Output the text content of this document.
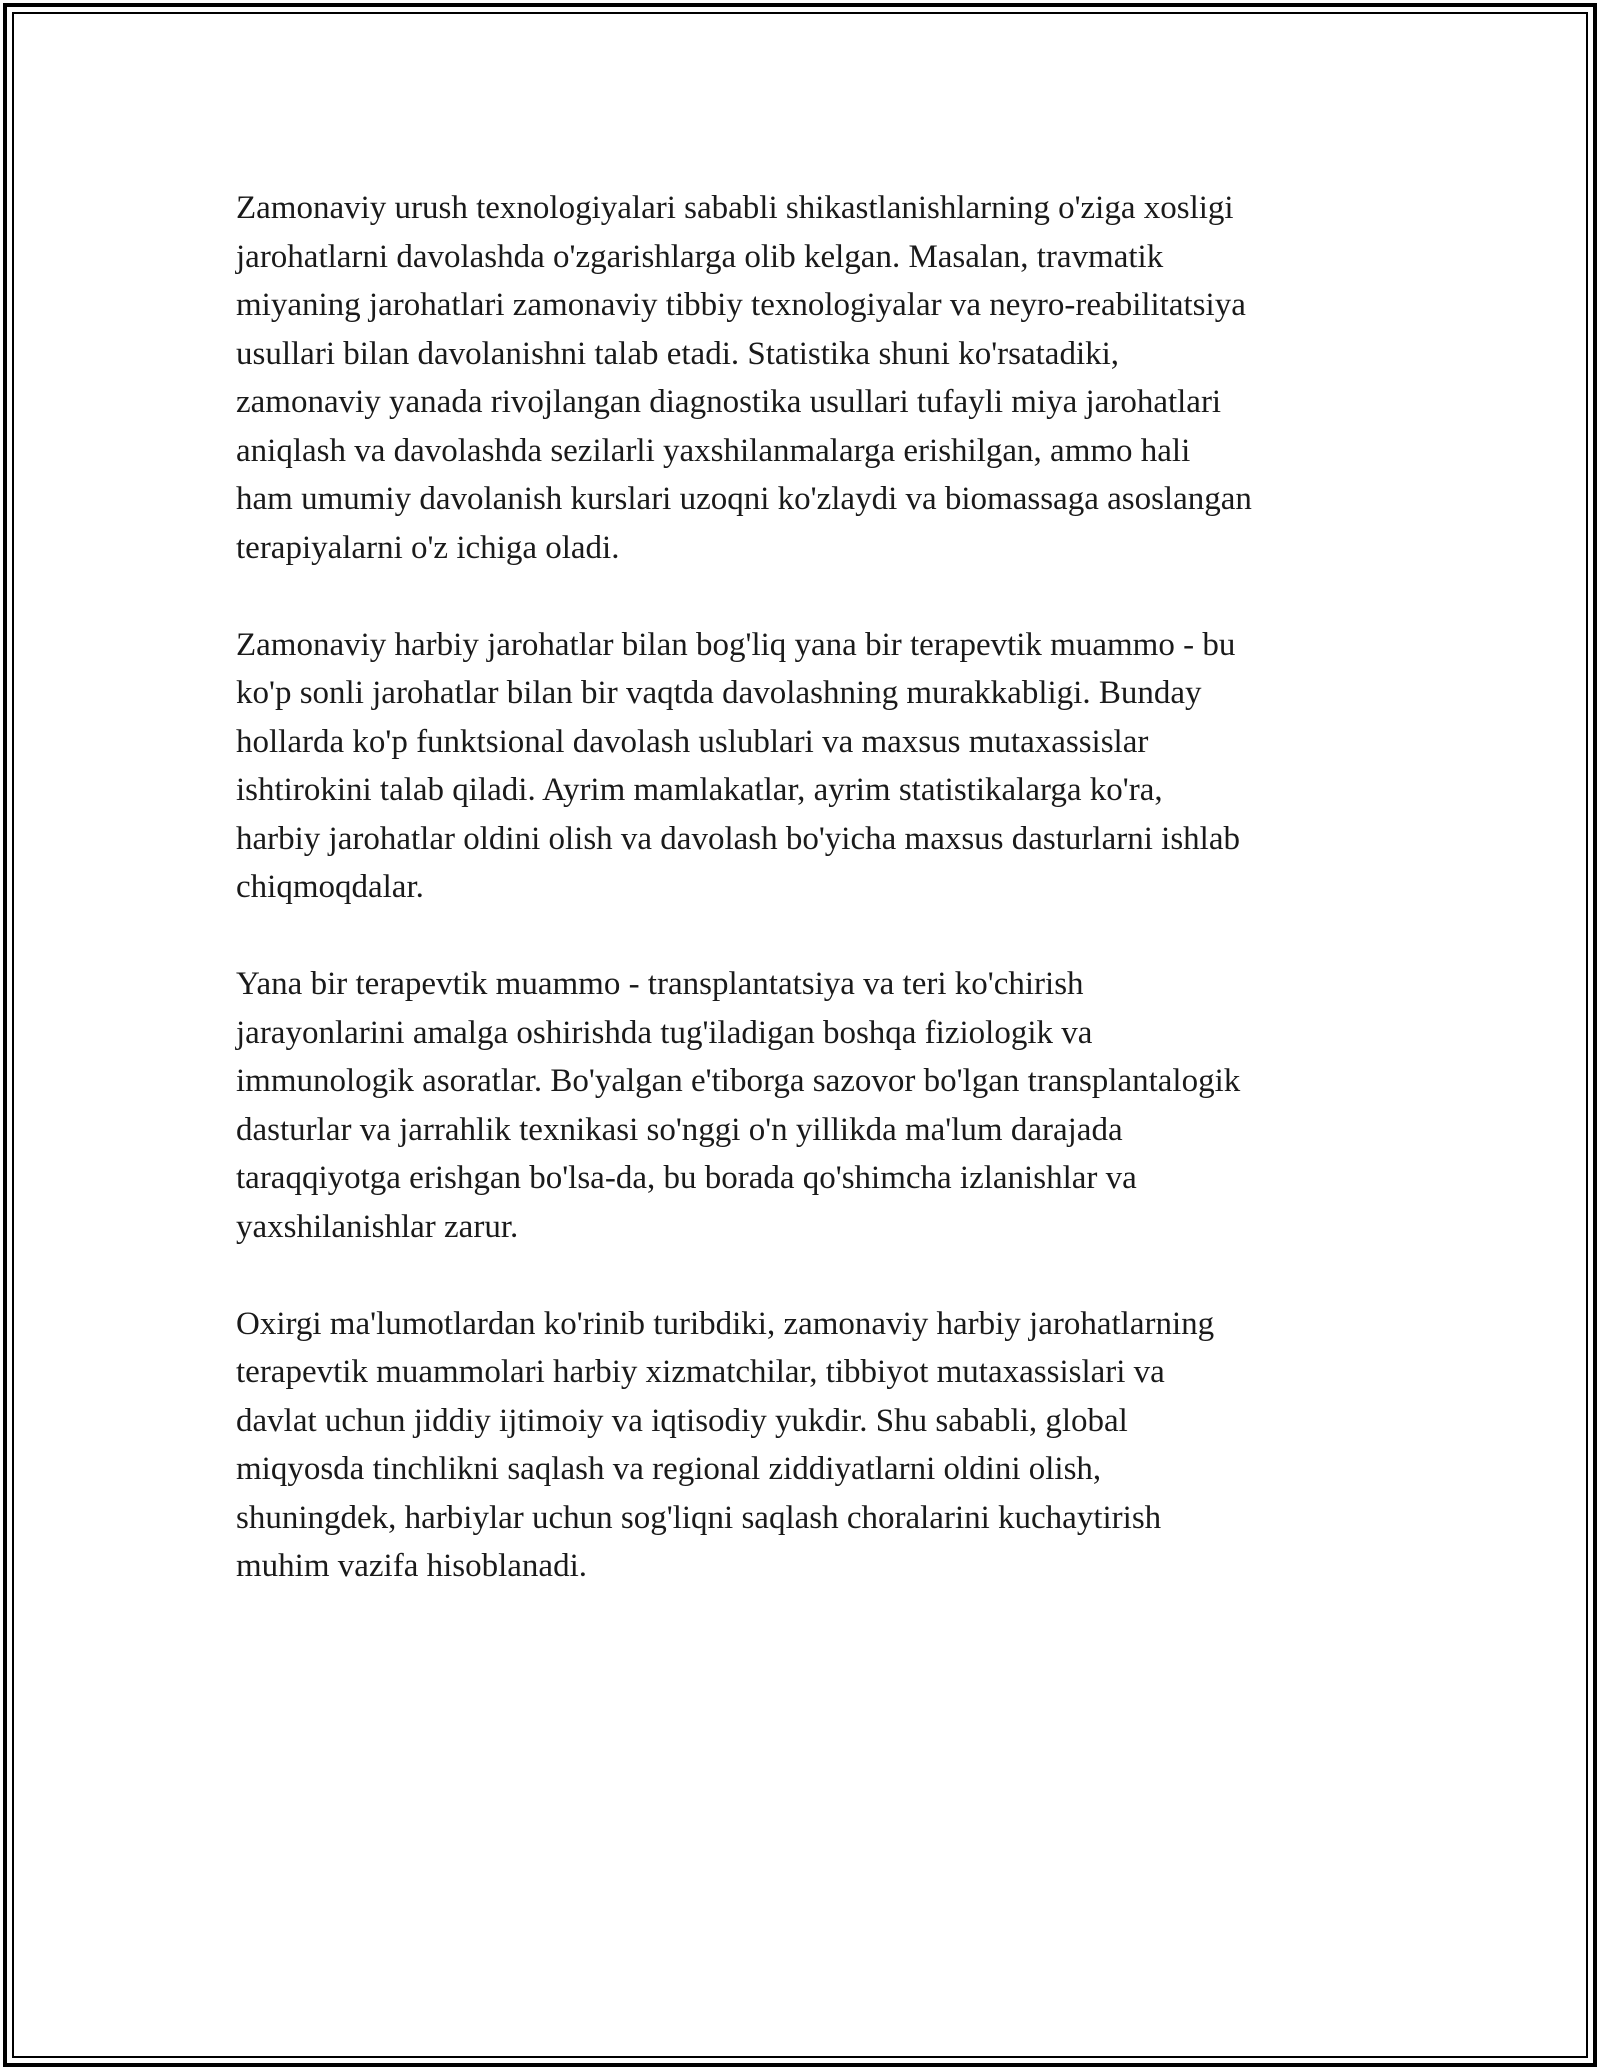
Zamonaviy urush texnologiyalari sababli shikastlanishlarning o'ziga xosligi
jarohatlarni davolashda o'zgarishlarga olib kelgan. Masalan, travmatik
miyaning jarohatlari zamonaviy tibbiy texnologiyalar va neyro-reabilitatsiya
usullari bilan davolanishni talab etadi. Statistika shuni ko'rsatadiki,
zamonaviy yanada rivojlangan diagnostika usullari tufayli miya jarohatlari
aniqlash va davolashda sezilarli yaxshilanmalarga erishilgan, ammo hali
ham umumiy davolanish kurslari uzoqni ko'zlaydi va biomassaga asoslangan
terapiyalarni o'z ichiga oladi.

Zamonaviy harbiy jarohatlar bilan bog'liq yana bir terapevtik muammo - bu
ko'p sonli jarohatlar bilan bir vaqtda davolashning murakkabligi. Bunday
hollarda ko'p funktsional davolash uslublari va maxsus mutaxassislar
ishtirokini talab qiladi. Ayrim mamlakatlar, ayrim statistikalarga ko'ra,
harbiy jarohatlar oldini olish va davolash bo'yicha maxsus dasturlarni ishlab
chiqmoqdalar.

Yana bir terapevtik muammo - transplantatsiya va teri ko'chirish
jarayonlarini amalga oshirishda tug'iladigan boshqa fiziologik va
immunologik asoratlar. Bo'yalgan e'tiborga sazovor bo'lgan transplantalogik
dasturlar va jarrahlik texnikasi so'nggi o'n yillikda ma'lum darajada
taraqqiyotga erishgan bo'lsa-da, bu borada qo'shimcha izlanishlar va
yaxshilanishlar zarur.

Oxirgi ma'lumotlardan ko'rinib turibdiki, zamonaviy harbiy jarohatlarning
terapevtik muammolari harbiy xizmatchilar, tibbiyot mutaxassislari va
davlat uchun jiddiy ijtimoiy va iqtisodiy yukdir. Shu sababli, global
miqyosda tinchlikni saqlash va regional ziddiyatlarni oldini olish,
shuningdek, harbiylar uchun sog'liqni saqlash choralarini kuchaytirish
muhim vazifa hisoblanadi.
